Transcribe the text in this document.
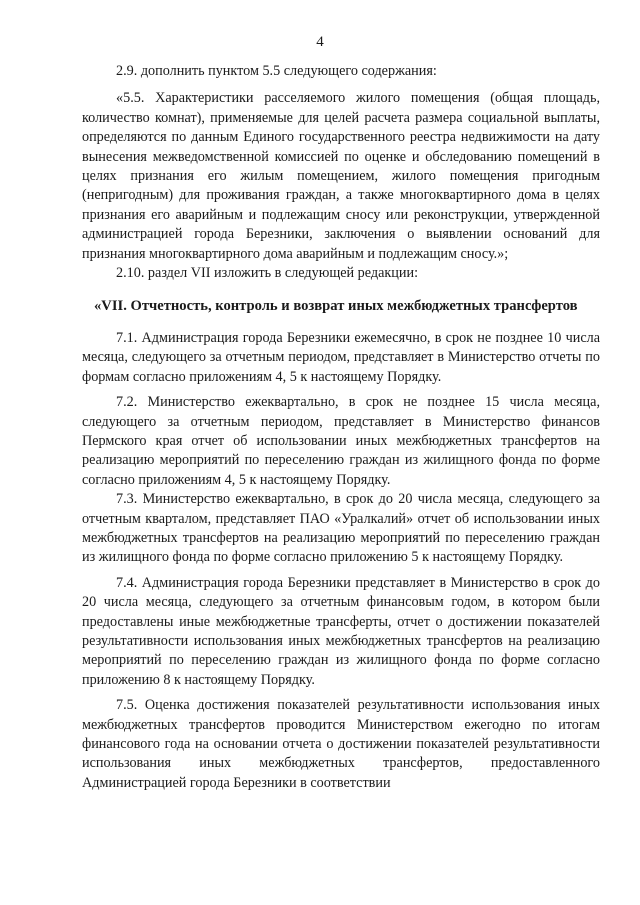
4

2.9. дополнить пунктом 5.5 следующего содержания:

«5.5. Характеристики расселяемого жилого помещения (общая площадь, количество комнат), применяемые для целей расчета размера социальной выплаты, определяются по данным Единого государственного реестра недвижимости на дату вынесения межведомственной комиссией по оценке и обследованию помещений в целях признания его жилым помещением, жилого помещения пригодным (непригодным) для проживания граждан, а также многоквартирного дома в целях признания его аварийным и подлежащим сносу или реконструкции, утвержденной администрацией города Березники, заключения о выявлении оснований для признания многоквартирного дома аварийным и подлежащим сносу.»;

2.10. раздел VII изложить в следующей редакции:

«VII. Отчетность, контроль и возврат иных межбюджетных трансфертов

7.1. Администрация города Березники ежемесячно, в срок не позднее 10 числа месяца, следующего за отчетным периодом, представляет в Министерство отчеты по формам согласно приложениям 4, 5 к настоящему Порядку.

7.2. Министерство ежеквартально, в срок не позднее 15 числа месяца, следующего за отчетным периодом, представляет в Министерство финансов Пермского края отчет об использовании иных межбюджетных трансфертов на реализацию мероприятий по переселению граждан из жилищного фонда по форме согласно приложениям 4, 5 к настоящему Порядку.

7.3. Министерство ежеквартально, в срок до 20 числа месяца, следующего за отчетным кварталом, представляет ПАО «Уралкалий» отчет об использовании иных межбюджетных трансфертов на реализацию мероприятий по переселению граждан из жилищного фонда по форме согласно приложению 5 к настоящему Порядку.

7.4. Администрация города Березники представляет в Министерство в срок до 20 числа месяца, следующего за отчетным финансовым годом, в котором были предоставлены иные межбюджетные трансферты, отчет о достижении показателей результативности использования иных межбюджетных трансфертов на реализацию мероприятий по переселению граждан из жилищного фонда по форме согласно приложению 8 к настоящему Порядку.

7.5. Оценка достижения показателей результативности использования иных межбюджетных трансфертов проводится Министерством ежегодно по итогам финансового года на основании отчета о достижении показателей результативности использования иных межбюджетных трансфертов, предоставленного Администрацией города Березники в соответствии
